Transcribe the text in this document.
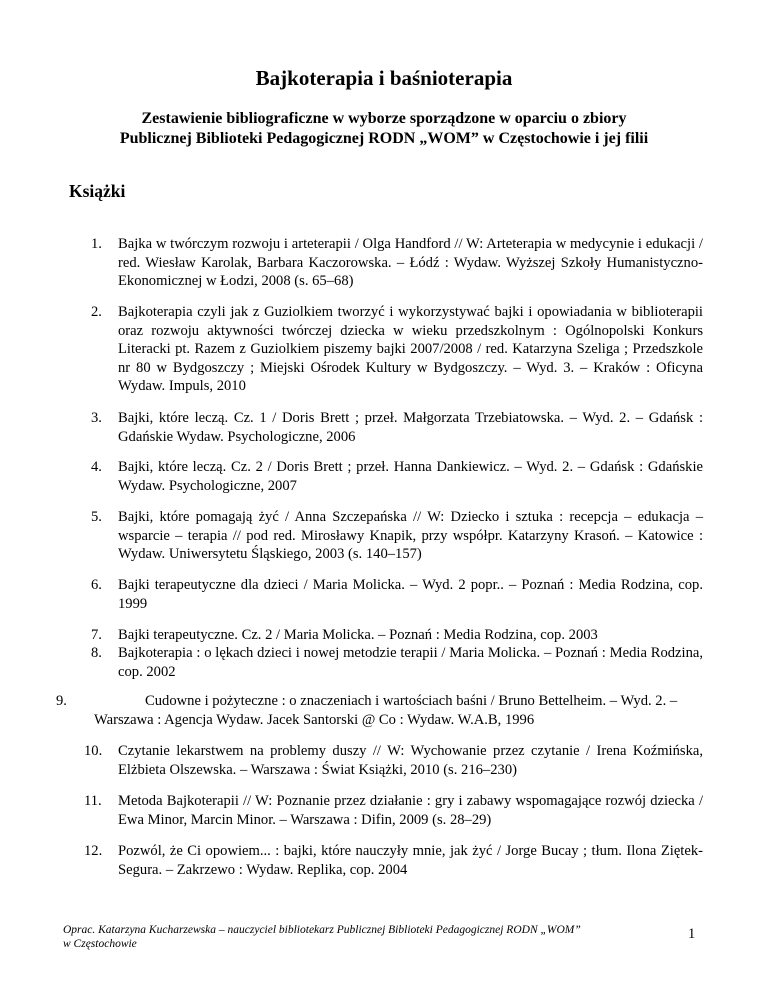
Bajkoterapia i baśnioterapia
Zestawienie bibliograficzne w wyborze sporządzone w oparciu o zbiory
Publicznej Biblioteki Pedagogicznej RODN „WOM” w Częstochowie i jej filii
Książki
1. Bajka w twórczym rozwoju i arteterapii / Olga Handford // W: Arteterapia w medycynie i edukacji / red. Wiesław Karolak, Barbara Kaczorowska. – Łódź : Wydaw. Wyższej Szkoły Humanistyczno-Ekonomicznej w Łodzi, 2008 (s. 65–68)
2. Bajkoterapia czyli jak z Guziolkiem tworzyć i wykorzystywać bajki i opowiadania w biblioterapii oraz rozwoju aktywności twórczej dziecka w wieku przedszkolnym : Ogólnopolski Konkurs Literacki pt. Razem z Guziolkiem piszemy bajki 2007/2008 / red. Katarzyna Szeliga ; Przedszkole nr 80 w Bydgoszczy ; Miejski Ośrodek Kultury w Bydgoszczy. – Wyd. 3. – Kraków : Oficyna Wydaw. Impuls, 2010
3. Bajki, które leczą. Cz. 1 / Doris Brett ; przeł. Małgorzata Trzebiatowska. – Wyd. 2. – Gdańsk : Gdańskie Wydaw. Psychologiczne, 2006
4. Bajki, które leczą. Cz. 2 / Doris Brett ; przeł. Hanna Dankiewicz. – Wyd. 2. – Gdańsk : Gdańskie Wydaw. Psychologiczne, 2007
5. Bajki, które pomagają żyć / Anna Szczepańska // W: Dziecko i sztuka : recepcja – edukacja – wsparcie – terapia // pod red. Mirosławy Knapik, przy współpr. Katarzyny Krasoń. – Katowice : Wydaw. Uniwersytetu Śląskiego, 2003 (s. 140–157)
6. Bajki terapeutyczne dla dzieci / Maria Molicka. – Wyd. 2 popr.. – Poznań : Media Rodzina, cop. 1999
7. Bajki terapeutyczne. Cz. 2 / Maria Molicka. – Poznań : Media Rodzina, cop. 2003
8. Bajkoterapia : o lękach dzieci i nowej metodzie terapii / Maria Molicka. – Poznań : Media Rodzina, cop. 2002
9.	Cudowne i pożyteczne : o znaczeniach i wartościach baśni / Bruno Bettelheim. – Wyd. 2. –
Warszawa : Agencja Wydaw. Jacek Santorski @ Co : Wydaw. W.A.B, 1996
10. Czytanie lekarstwem na problemy duszy // W: Wychowanie przez czytanie / Irena Koźmińska, Elżbieta Olszewska. – Warszawa : Świat Książki, 2010 (s. 216–230)
11. Metoda Bajkoterapii // W: Poznanie przez działanie : gry i zabawy wspomagające rozwój dziecka / Ewa Minor, Marcin Minor. – Warszawa : Difin, 2009 (s. 28–29)
12. Pozwól, że Ci opowiem... : bajki, które nauczyły mnie, jak żyć / Jorge Bucay ; tłum. Ilona Ziętek-Segura. – Zakrzewo : Wydaw. Replika, cop. 2004
Oprac. Katarzyna Kucharzewska – nauczyciel bibliotekarz Publicznej Biblioteki Pedagogicznej RODN „WOM”
w Częstochowie
1
